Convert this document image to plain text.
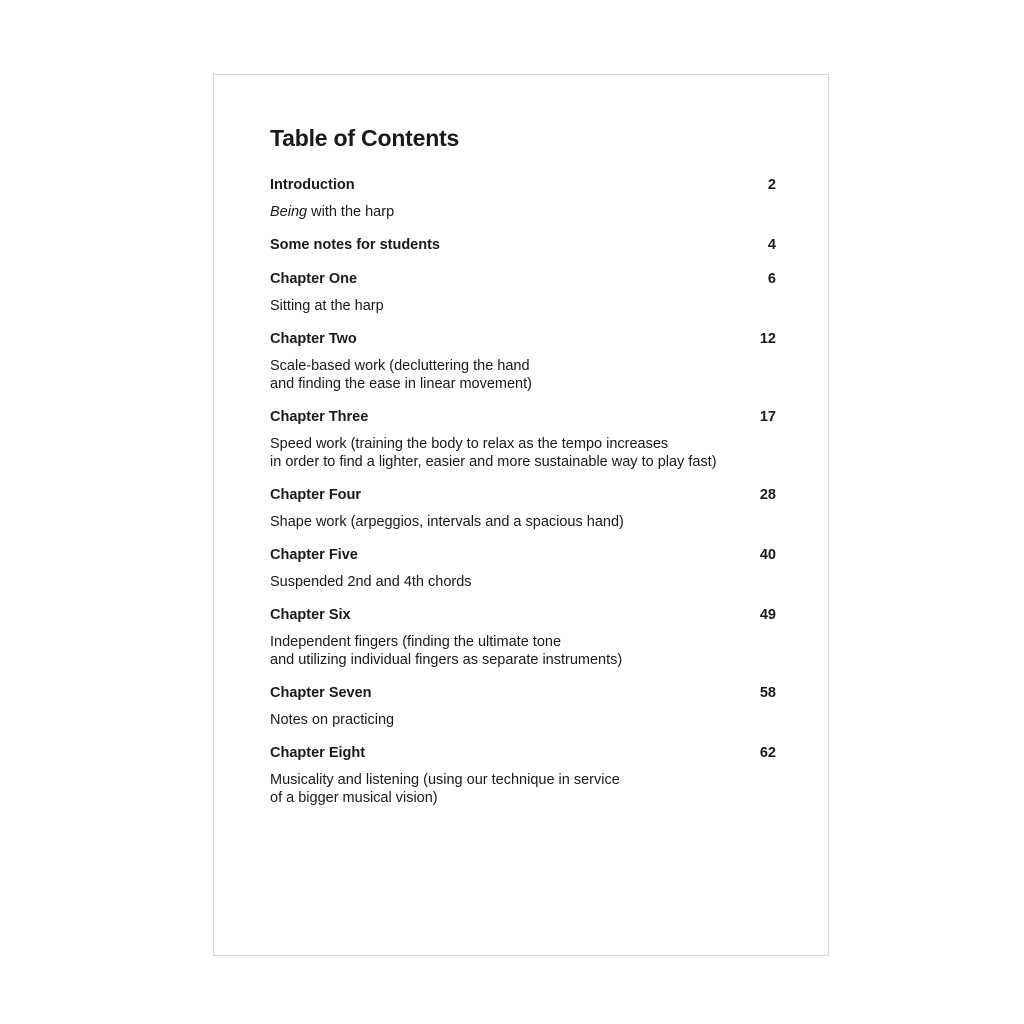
Table of Contents
Introduction	2
Being with the harp
Some notes for students	4
Chapter One	6
Sitting at the harp
Chapter Two	12
Scale-based work (decluttering the hand
and finding the ease in linear movement)
Chapter Three	17
Speed work (training the body to relax as the tempo increases
in order to find a lighter, easier and more sustainable way to play fast)
Chapter Four	28
Shape work (arpeggios, intervals and a spacious hand)
Chapter Five	40
Suspended 2nd and 4th chords
Chapter Six	49
Independent fingers (finding the ultimate tone
and utilizing individual fingers as separate instruments)
Chapter Seven	58
Notes on practicing
Chapter Eight	62
Musicality and listening (using our technique in service
of a bigger musical vision)
